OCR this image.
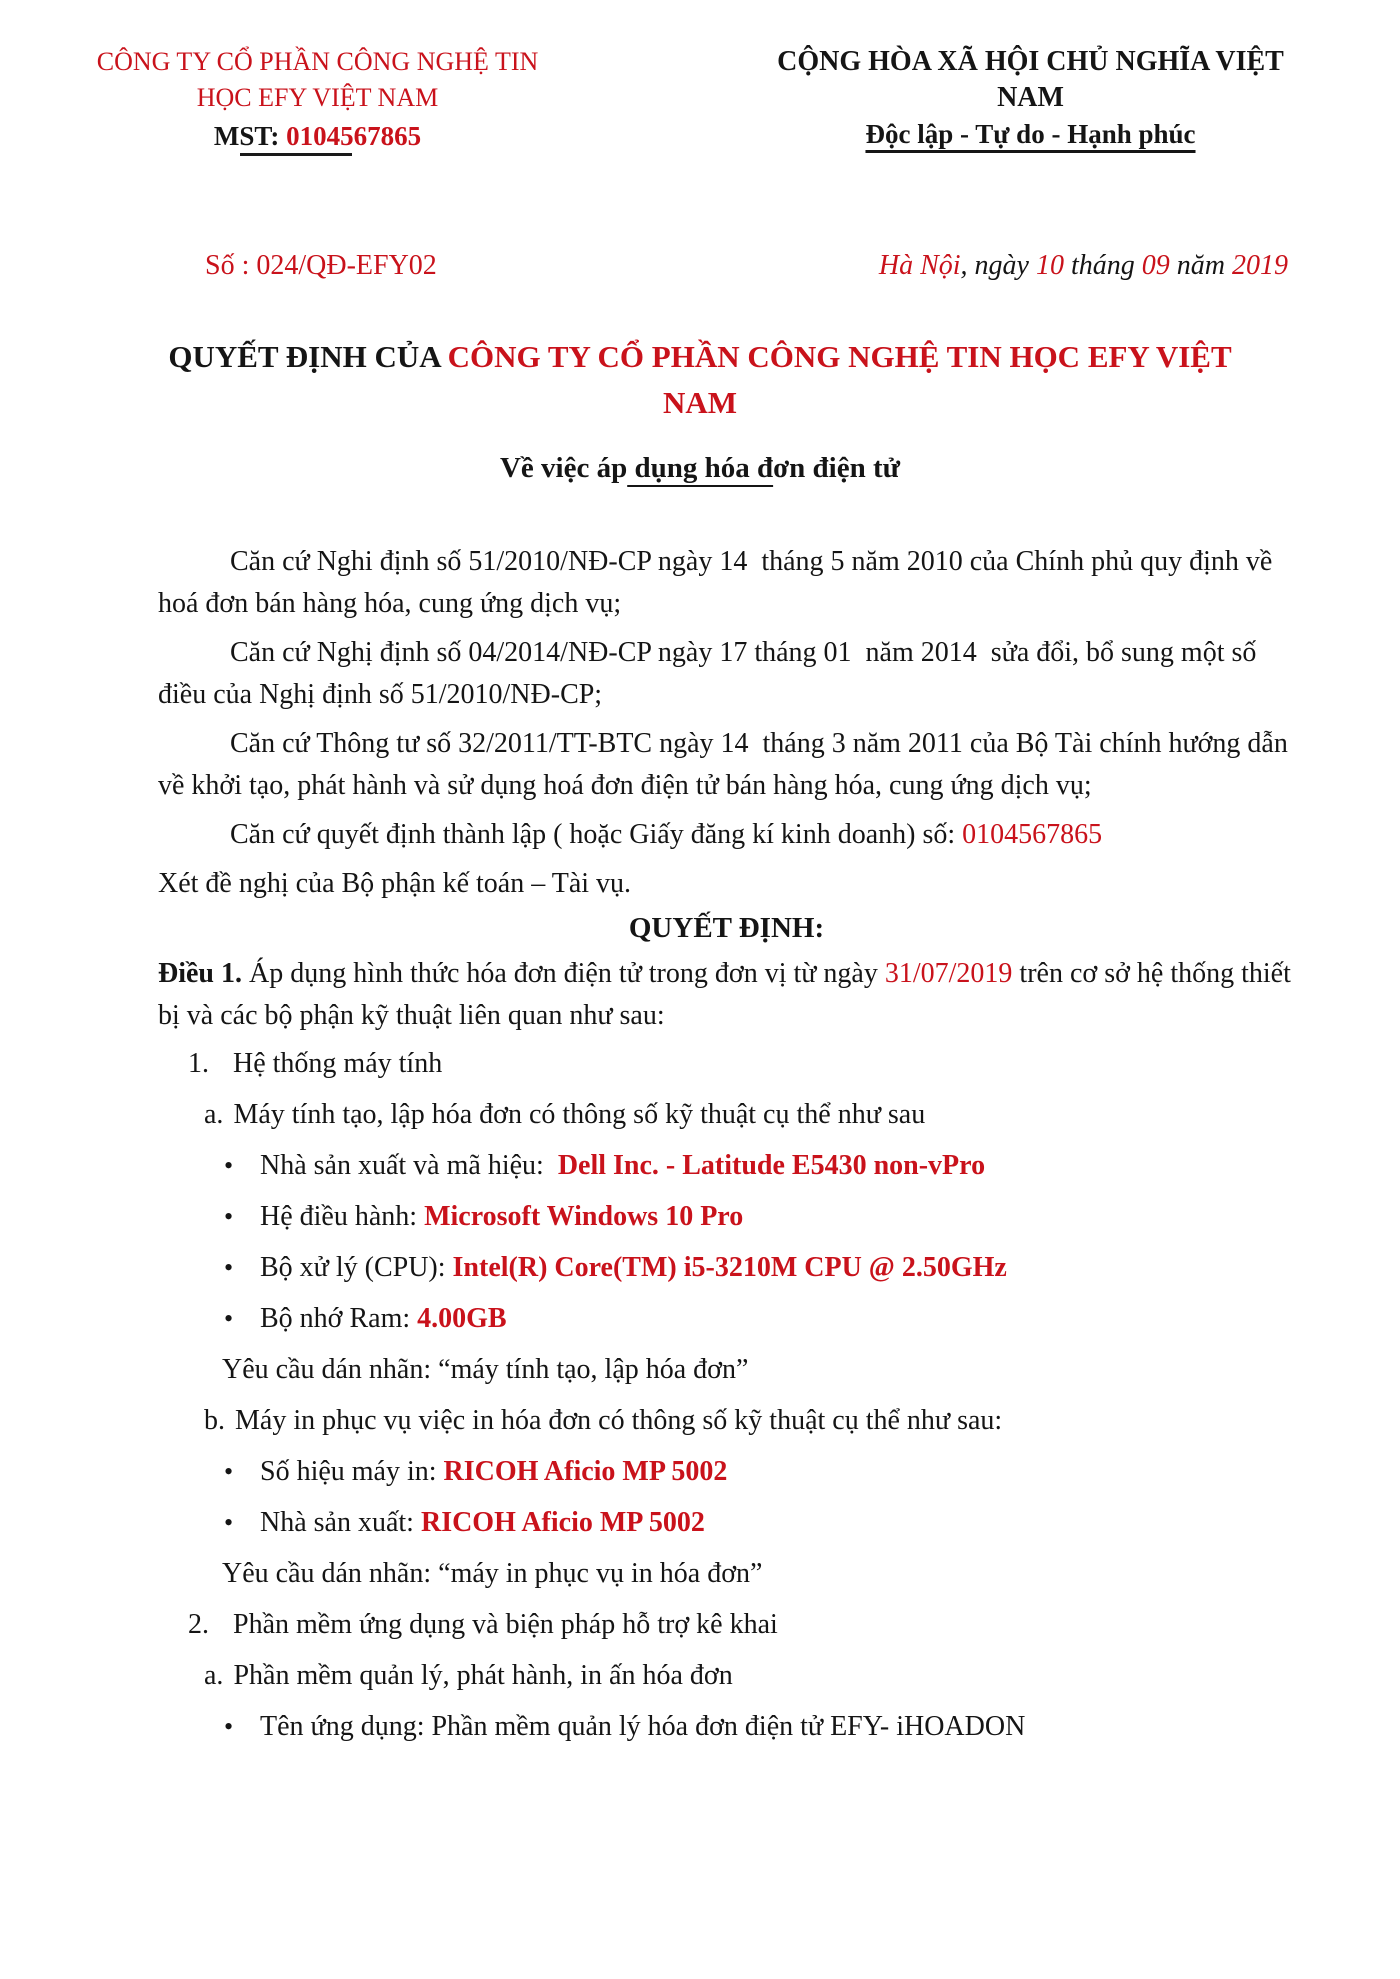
CÔNG TY CỔ PHẦN CÔNG NGHỆ TIN
HỌC EFY VIỆT NAM
MST: 0104567865
CỘNG HÒA XÃ HỘI CHỦ NGHĨA VIỆT NAM
Độc lập - Tự do - Hạnh phúc
Số : 024/QĐ-EFY02	Hà Nội, ngày 10 tháng 09 năm 2019
QUYẾT ĐỊNH CỦA CÔNG TY CỔ PHẦN CÔNG NGHỆ TIN HỌC EFY VIỆT NAM
Về việc áp dụng hóa đơn điện tử

Căn cứ Nghi định số 51/2010/NĐ-CP ngày 14  tháng 5 năm 2010 của Chính phủ quy định về hoá đơn bán hàng hóa, cung ứng dịch vụ;

Căn cứ Nghị định số 04/2014/NĐ-CP ngày 17 tháng 01  năm 2014  sửa đổi, bổ sung một số điều của Nghị định số 51/2010/NĐ-CP;

Căn cứ Thông tư số 32/2011/TT-BTC ngày 14  tháng 3 năm 2011 của Bộ Tài chính hướng dẫn về khởi tạo, phát hành và sử dụng hoá đơn điện tử bán hàng hóa, cung ứng dịch vụ;

Căn cứ quyết định thành lập ( hoặc Giấy đăng kí kinh doanh) số: 0104567865

Xét đề nghị của Bộ phận kế toán – Tài vụ.

QUYẾT ĐỊNH:

Điều 1. Áp dụng hình thức hóa đơn điện tử trong đơn vị từ ngày 31/07/2019 trên cơ sở hệ thống thiết bị và các bộ phận kỹ thuật liên quan như sau:

1. Hệ thống máy tính
a. Máy tính tạo, lập hóa đơn có thông số kỹ thuật cụ thể như sau
• Nhà sản xuất và mã hiệu:  Dell Inc. - Latitude E5430 non-vPro
• Hệ điều hành: Microsoft Windows 10 Pro
• Bộ xử lý (CPU): Intel(R) Core(TM) i5-3210M CPU @ 2.50GHz
• Bộ nhớ Ram: 4.00GB
Yêu cầu dán nhãn: “máy tính tạo, lập hóa đơn”
b. Máy in phục vụ việc in hóa đơn có thông số kỹ thuật cụ thể như sau:
• Số hiệu máy in: RICOH Aficio MP 5002
• Nhà sản xuất: RICOH Aficio MP 5002
Yêu cầu dán nhãn: “máy in phục vụ in hóa đơn”
2. Phần mềm ứng dụng và biện pháp hỗ trợ kê khai
a. Phần mềm quản lý, phát hành, in ấn hóa đơn
• Tên ứng dụng: Phần mềm quản lý hóa đơn điện tử EFY- iHOADON
